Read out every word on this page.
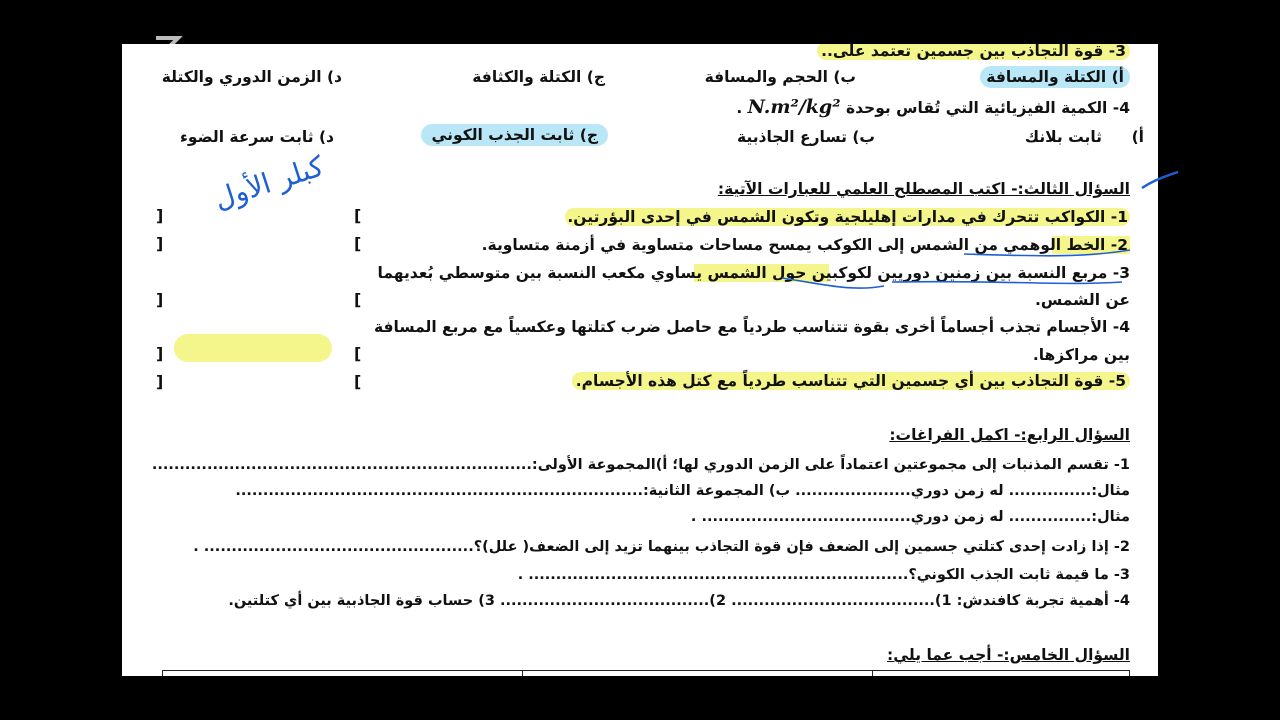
3- قوة التجاذب بين جسمين تعتمد على..
أ) الكتلة والمسافة
ب) الحجم والمسافة
ج) الكتلة والكثافة
د) الزمن الدوري والكتلة
4- الكمية الفيزيائية التي تُقاس بوحدة N.m²/kg² .
أ)
ثابت بلانك
ب) تسارع الجاذبية
ج) ثابت الجذب الكوني
د) ثابت سرعة الضوء
السؤال الثالث:- اكتب المصطلح العلمي للعبارات الآتية:
1- الكواكب تتحرك في مدارات إهليلجية وتكون الشمس في إحدى البؤرتين.
2- الخط الوهمي من الشمس إلى الكوكب يمسح مساحات متساوية في أزمنة متساوية.
3- مربع النسبة بين زمنين دوريين لكوكبين حول الشمس يساوي مكعب النسبة بين متوسطي بُعديهما
عن الشمس.
4- الأجسام تجذب أجساماً أخرى بقوة تتناسب طردياً مع حاصل ضرب كتلتها وعكسياً مع مربع المسافة
بين مراكزها.
5- قوة التجاذب بين أي جسمين التي تتناسب طردياً مع كتل هذه الأجسام.
[
]
[
]
[
]
[
]
[
]
كبلر الأول
السؤال الرابع:- اكمل الفراغات:
1- تقسم المذنبات إلى مجموعتين اعتماداً على الزمن الدوري لها؛ أ)المجموعة الأولى:.....................................................................
مثال:............... له زمن دوري..................... ب) المجموعة الثانية:..........................................................................
مثال:............... له زمن دوري...................................... .
2- إذا زادت إحدى كتلتي جسمين إلى الضعف فإن قوة التجاذب بينهما تزيد إلى الضعف( علل)؟................................................. .
3- ما قيمة ثابت الجذب الكوني؟..................................................................... .
4- أهمية تجربة كافندش: 1)..................................... 2)...................................... 3) حساب قوة الجاذبية بين أي كتلتين.
السؤال الخامس:- أجب عما يلي:
